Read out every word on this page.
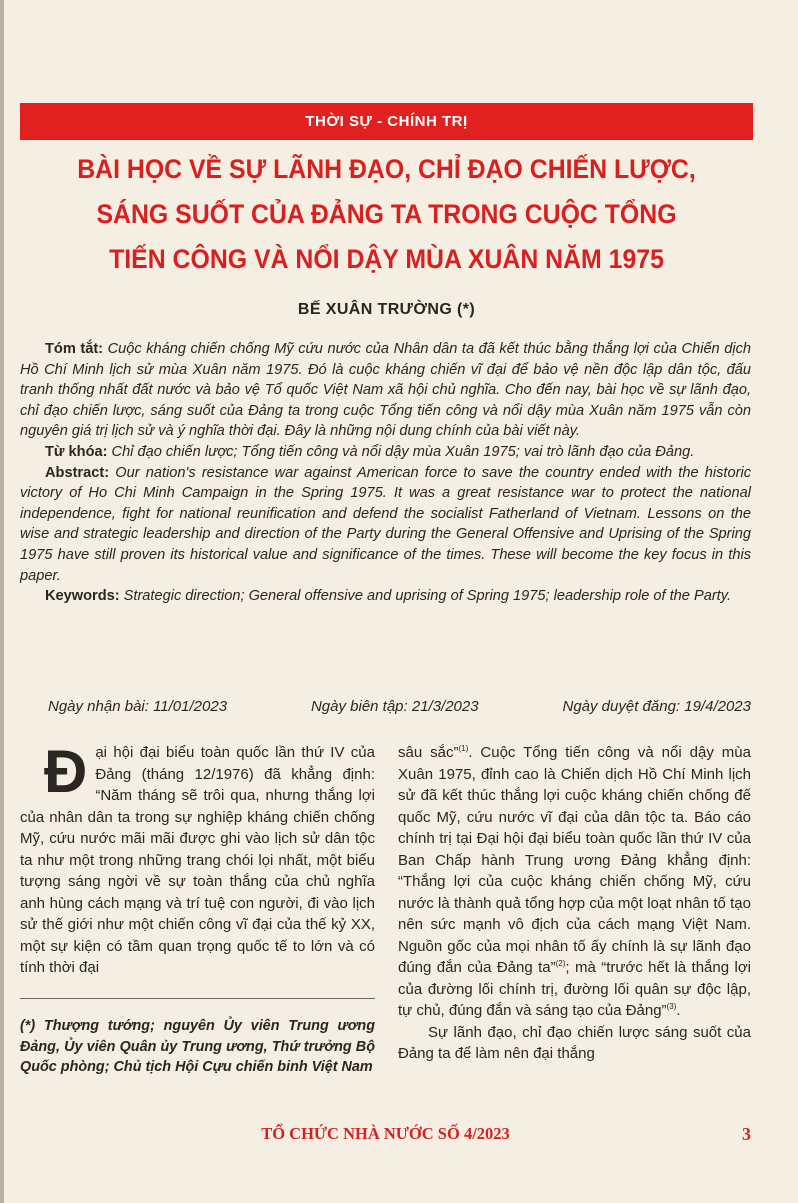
THỜI SỰ - CHÍNH TRỊ
BÀI HỌC VỀ SỰ LÃNH ĐẠO, CHỈ ĐẠO CHIẾN LƯỢC,
SÁNG SUỐT CỦA ĐẢNG TA TRONG CUỘC TỔNG
TIẾN CÔNG VÀ NỔI DẬY MÙA XUÂN NĂM 1975
BẾ XUÂN TRƯỜNG (*)

Tóm tắt: Cuộc kháng chiến chống Mỹ cứu nước của Nhân dân ta đã kết thúc bằng thắng lợi của Chiến dịch Hồ Chí Minh lịch sử mùa Xuân năm 1975. Đó là cuộc kháng chiến vĩ đại để bảo vệ nền độc lập dân tộc, đấu tranh thống nhất đất nước và bảo vệ Tổ quốc Việt Nam xã hội chủ nghĩa. Cho đến nay, bài học về sự lãnh đạo, chỉ đạo chiến lược, sáng suốt của Đảng ta trong cuộc Tổng tiến công và nổi dậy mùa Xuân năm 1975 vẫn còn nguyên giá trị lịch sử và ý nghĩa thời đại. Đây là những nội dung chính của bài viết này.

Từ khóa: Chỉ đạo chiến lược; Tổng tiến công và nổi dậy mùa Xuân 1975; vai trò lãnh đạo của Đảng.

Abstract: Our nation's resistance war against American force to save the country ended with the historic victory of Ho Chi Minh Campaign in the Spring 1975. It was a great resistance war to protect the national independence, fight for national reunification and defend the socialist Fatherland of Vietnam. Lessons on the wise and strategic leadership and direction of the Party during the General Offensive and Uprising of the Spring 1975 have still proven its historical value and significance of the times. These will become the key focus in this paper.

Keywords: Strategic direction; General offensive and uprising of Spring 1975; leadership role of the Party.

Ngày nhận bài: 11/01/2023	Ngày biên tập: 21/3/2023	Ngày duyệt đăng: 19/4/2023

Đại hội đại biểu toàn quốc lần thứ IV của Đảng (tháng 12/1976) đã khẳng định: “Năm tháng sẽ trôi qua, nhưng thắng lợi của nhân dân ta trong sự nghiệp kháng chiến chống Mỹ, cứu nước mãi mãi được ghi vào lịch sử dân tộc ta như một trong những trang chói lọi nhất, một biểu tượng sáng ngời về sự toàn thắng của chủ nghĩa anh hùng cách mạng và trí tuệ con người, đi vào lịch sử thế giới như một chiến công vĩ đại của thế kỷ XX, một sự kiện có tầm quan trọng quốc tế to lớn và có tính thời đại

sâu sắc”$^{(1)}$. Cuộc Tổng tiến công và nổi dậy mùa Xuân 1975, đỉnh cao là Chiến dịch Hồ Chí Minh lịch sử đã kết thúc thắng lợi cuộc kháng chiến chống đế quốc Mỹ, cứu nước vĩ đại của dân tộc ta. Báo cáo chính trị tại Đại hội đại biểu toàn quốc lần thứ IV của Ban Chấp hành Trung ương Đảng khẳng định: “Thắng lợi của cuộc kháng chiến chống Mỹ, cứu nước là thành quả tổng hợp của một loạt nhân tố tạo nên sức mạnh vô địch của cách mạng Việt Nam. Nguồn gốc của mọi nhân tố ấy chính là sự lãnh đạo đúng đắn của Đảng ta”$^{(2)}$; mà “trước hết là thắng lợi của đường lối chính trị, đường lối quân sự độc lập, tự chủ, đúng đắn và sáng tạo của Đảng”$^{(3)}$.

Sự lãnh đạo, chỉ đạo chiến lược sáng suốt của Đảng ta để làm nên đại thắng

(*) Thượng tướng; nguyên Ủy viên Trung ương Đảng, Ủy viên Quân ủy Trung ương, Thứ trưởng Bộ Quốc phòng; Chủ tịch Hội Cựu chiến binh Việt Nam
TỔ CHỨC NHÀ NƯỚC SỐ 4/2023	3
